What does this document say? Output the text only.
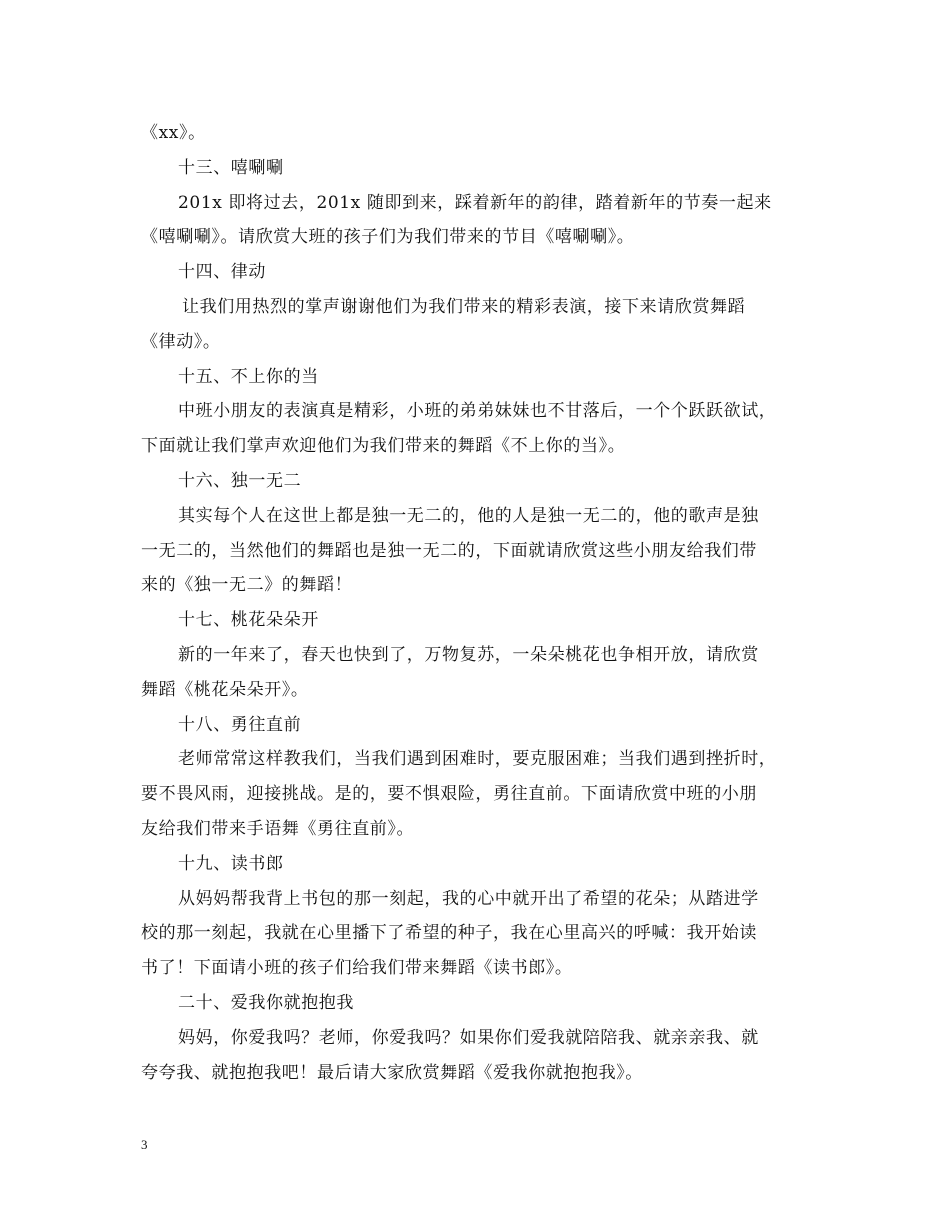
《xx》。
十三、嘻唰唰
201x 即将过去，201x 随即到来，踩着新年的韵律，踏着新年的节奏一起来
《嘻唰唰》。请欣赏大班的孩子们为我们带来的节目《嘻唰唰》。
十四、律动
让我们用热烈的掌声谢谢他们为我们带来的精彩表演，接下来请欣赏舞蹈
《律动》。
十五、不上你的当
中班小朋友的表演真是精彩，小班的弟弟妹妹也不甘落后，一个个跃跃欲试，
下面就让我们掌声欢迎他们为我们带来的舞蹈《不上你的当》。
十六、独一无二
其实每个人在这世上都是独一无二的，他的人是独一无二的，他的歌声是独
一无二的，当然他们的舞蹈也是独一无二的，下面就请欣赏这些小朋友给我们带
来的《独一无二》的舞蹈！
十七、桃花朵朵开
新的一年来了，春天也快到了，万物复苏，一朵朵桃花也争相开放，请欣赏
舞蹈《桃花朵朵开》。
十八、勇往直前
老师常常这样教我们，当我们遇到困难时，要克服困难；当我们遇到挫折时，
要不畏风雨，迎接挑战。是的，要不惧艰险，勇往直前。下面请欣赏中班的小朋
友给我们带来手语舞《勇往直前》。
十九、读书郎
从妈妈帮我背上书包的那一刻起，我的心中就开出了希望的花朵；从踏进学
校的那一刻起，我就在心里播下了希望的种子，我在心里高兴的呼喊：我开始读
书了！下面请小班的孩子们给我们带来舞蹈《读书郎》。
二十、爱我你就抱抱我
妈妈，你爱我吗？老师，你爱我吗？如果你们爱我就陪陪我、就亲亲我、就
夸夸我、就抱抱我吧！最后请大家欣赏舞蹈《爱我你就抱抱我》。
3
